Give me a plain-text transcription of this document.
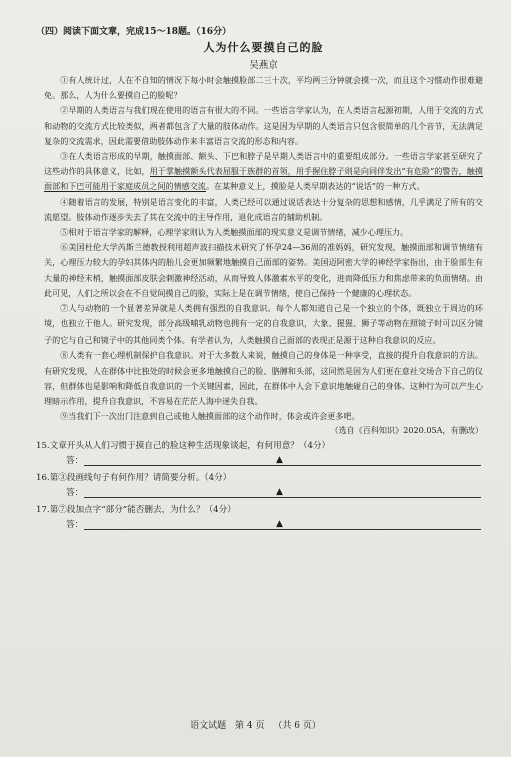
（四）阅读下面文章，完成15～18题。（16分）
人为什么要摸自己的脸
吴燕京

①有人统计过，人在不自知的情况下每小时会触摸脸部二三十次，平均两三分钟就会摸一次，而且这个习惯动作很难避免。那么，人为什么要摸自己的脸呢？

②早期的人类语言与我们现在使用的语言有很大的不同。一些语言学家认为，在人类语言起源初期，人用于交流的方式和动物的交流方式比较类似，两者都包含了大量的肢体动作。这是因为早期的人类语言只包含很简单的几个音节，无法满足复杂的交流需求，因此需要借助肢体动作来丰富语言交流的形态和内容。

③在人类语言形成的早期，触摸面部、额头、下巴和脖子是早期人类语言中的重要组成部分。一些语言学家甚至研究了这些动作的具体意义，比如，用于掌触摸额头代表屈服于族群的首领，用手握住脖子则是向同伴发出“有危险”的警告，触摸面部和下巴可能用于家庭成员之间的情感交流。在某种意义上，摸脸是人类早期表达的“说话”的一种方式。

④随着语言的发展，特别是语言变化的丰富，人类已经可以通过说话表达十分复杂的思想和感情，几乎满足了所有的交流愿望。肢体动作逐步失去了其在交流中的主导作用，退化成语言的辅助机制。

⑤相对于语言学家的解释，心理学家则认为人类触摸面部的现实意义是调节情绪，减少心理压力。

⑥美国杜伦大学芮斯兰德教授利用超声波扫描技术研究了怀孕24—36周的准妈妈，研究发现，触摸面部和调节情绪有关，心理压力较大的孕妇其体内的胎儿会更加频繁地触摸自己面部的姿势。美国迈阿密大学的神经学家指出，由于脸部生有大量的神经末梢，触摸面部皮肤会刺激神经活动，从而导致人体激素水平的变化，进而降低压力和焦虑带来的负面情绪。由此可见，人们之所以会在不自觉间摸自己的脸，实际上是在调节情绪，使自己保持一个健康的心理状态。

⑦人与动物的一个显著差异就是人类拥有强烈的自我意识。每个人都知道自己是一个独立的个体，既独立于周边的环境，也独立于他人。研究发现，部分高级哺乳动物也拥有一定的自我意识，大象、猩猩、狮子等动物在照镜子时可以区分镜子的它与自己和镜子中的其他同类个体。有学者认为，人类触摸自己面部的表现正是源于这种自我意识的反应。

⑧人类有一套心理机制保护自我意识。对于大多数人来说，触摸自己的身体是一种享受，直接的提升自我意识的方法。有研究发现，人在群体中比独处的时候会更多地触摸自己的脸、胳膊和头部，这同然是因为人们更在意社交场合下自己的仪容，但群体也是影响和降低自我意识的一个关键因素，因此，在群体中人会下意识地触碰自己的身体。这种行为可以产生心理暗示作用，提升自我意识，不容易在茫茫人海中迷失自我。

⑨当我们下一次出门注意到自己或他人触摸面部的这个动作时，体会或许会更多吧。

（选自《百科知识》2020.05A，有删改）
15.文章开头从人们习惯于摸自己的脸这种生活现象谈起，有何用意？（4分）
答：	▲
16.第③段画线句子有何作用？请简要分析。（4分）
答：	▲
17.第⑦段加点字“部分”能否删去，为什么？（4分）
答：	▲
语文试题 第 4 页 （共 6 页）
